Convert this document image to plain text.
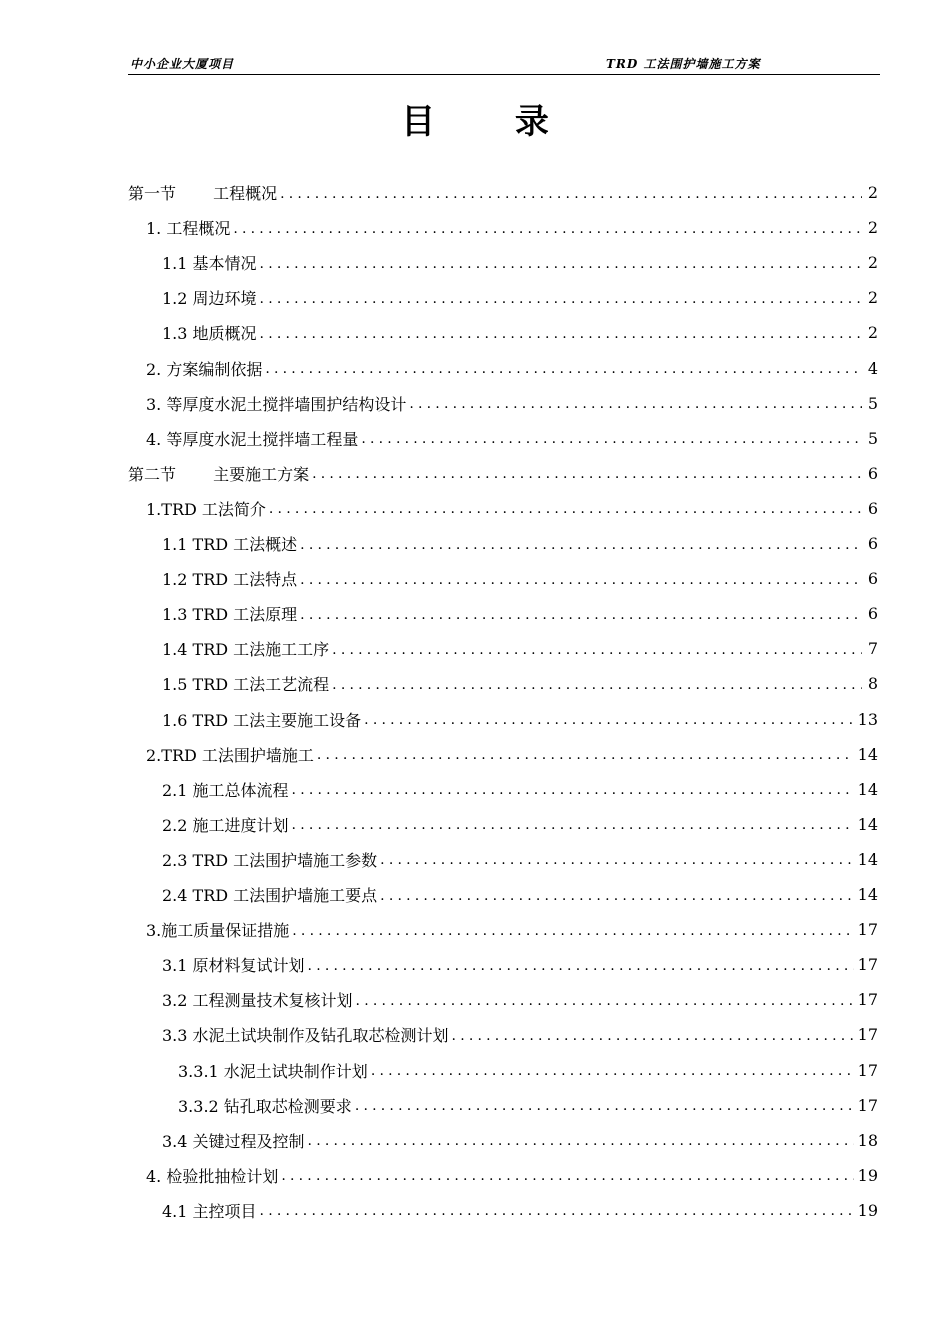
中小企业大厦项目	TRD 工法围护墙施工方案
目 录
第一节　　 工程概况 .....	2
1. 工程概况 .....	2
1.1 基本情况 .....	2
1.2 周边环境 .....	2
1.3 地质概况 .....	2
2. 方案编制依据 .....	4
3. 等厚度水泥土搅拌墙围护结构设计 .....	5
4. 等厚度水泥土搅拌墙工程量 .....	5
第二节　　 主要施工方案 .....	6
1.TRD 工法简介 .....	6
1.1 TRD 工法概述 .....	6
1.2 TRD 工法特点 .....	6
1.3 TRD 工法原理 .....	6
1.4 TRD 工法施工工序 .....	7
1.5 TRD 工法工艺流程 .....	8
1.6 TRD 工法主要施工设备 .....	13
2.TRD 工法围护墙施工 .....	14
2.1 施工总体流程 .....	14
2.2 施工进度计划 .....	14
2.3 TRD 工法围护墙施工参数 .....	14
2.4 TRD 工法围护墙施工要点 .....	14
3.施工质量保证措施 .....	17
3.1 原材料复试计划 .....	17
3.2 工程测量技术复核计划 .....	17
3.3 水泥土试块制作及钻孔取芯检测计划 .....	17
3.3.1 水泥土试块制作计划 .....	17
3.3.2 钻孔取芯检测要求 .....	17
3.4 关键过程及控制 .....	18
4. 检验批抽检计划 .....	19
4.1 主控项目 .....	19
